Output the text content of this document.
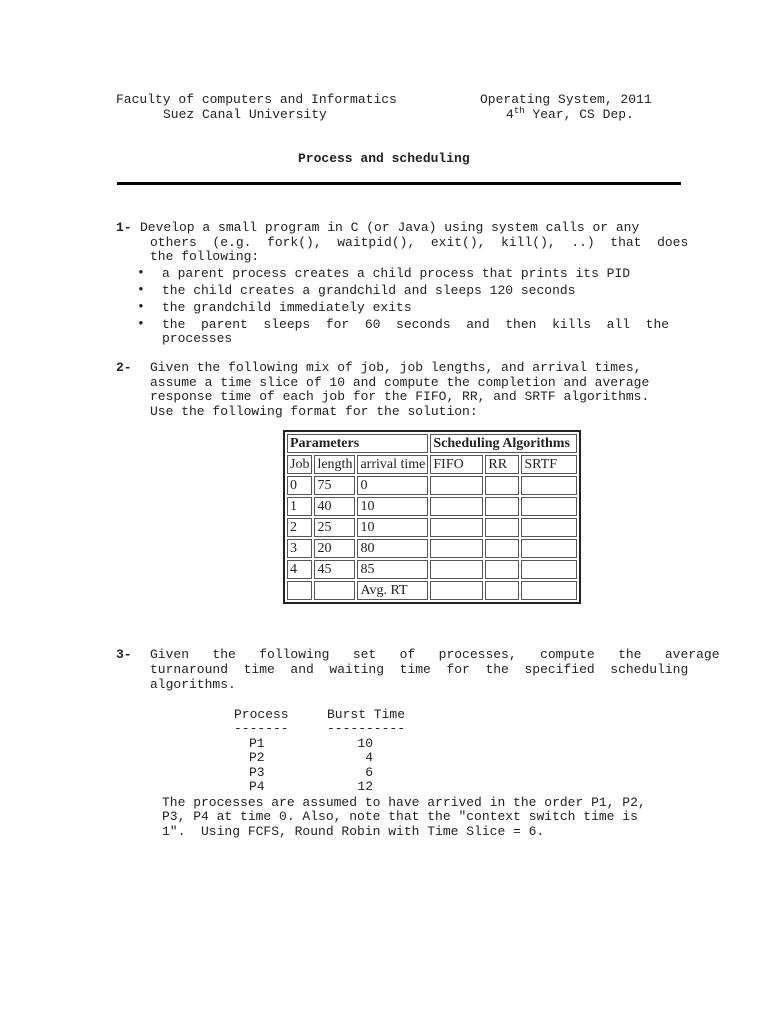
Faculty of computers and Informatics
Suez Canal University
Operating System, 2011
4th Year, CS Dep.
Process and scheduling
1- Develop a small program in C (or Java) using system calls or any
others  (e.g.  fork(),  waitpid(),  exit(),  kill(),  ..)  that  does
the following:
• a parent process creates a child process that prints its PID
• the child creates a grandchild and sleeps 120 seconds
• the grandchild immediately exits
• the  parent  sleeps  for  60  seconds  and  then  kills  all  the
processes
2- Given the following mix of job, job lengths, and arrival times,
assume a time slice of 10 and compute the completion and average
response time of each job for the FIFO, RR, and SRTF algorithms.
Use the following format for the solution:
Parameters			Scheduling Algorithms		
Job	length	arrival time	FIFO	RR	SRTF
0	75	0			
1	40	10			
2	25	10			
3	20	80			
4	45	85			
		Avg. RT			
3- Given   the   following   set   of   processes,   compute   the   average
turnaround  time  and  waiting  time  for  the  specified  scheduling
algorithms.
Process	Burst Time
-------	----------
P1	10
P2	4
P3	6
P4	12
The processes are assumed to have arrived in the order P1, P2,
P3, P4 at time 0. Also, note that the "context switch time is
1".  Using FCFS, Round Robin with Time Slice = 6.
